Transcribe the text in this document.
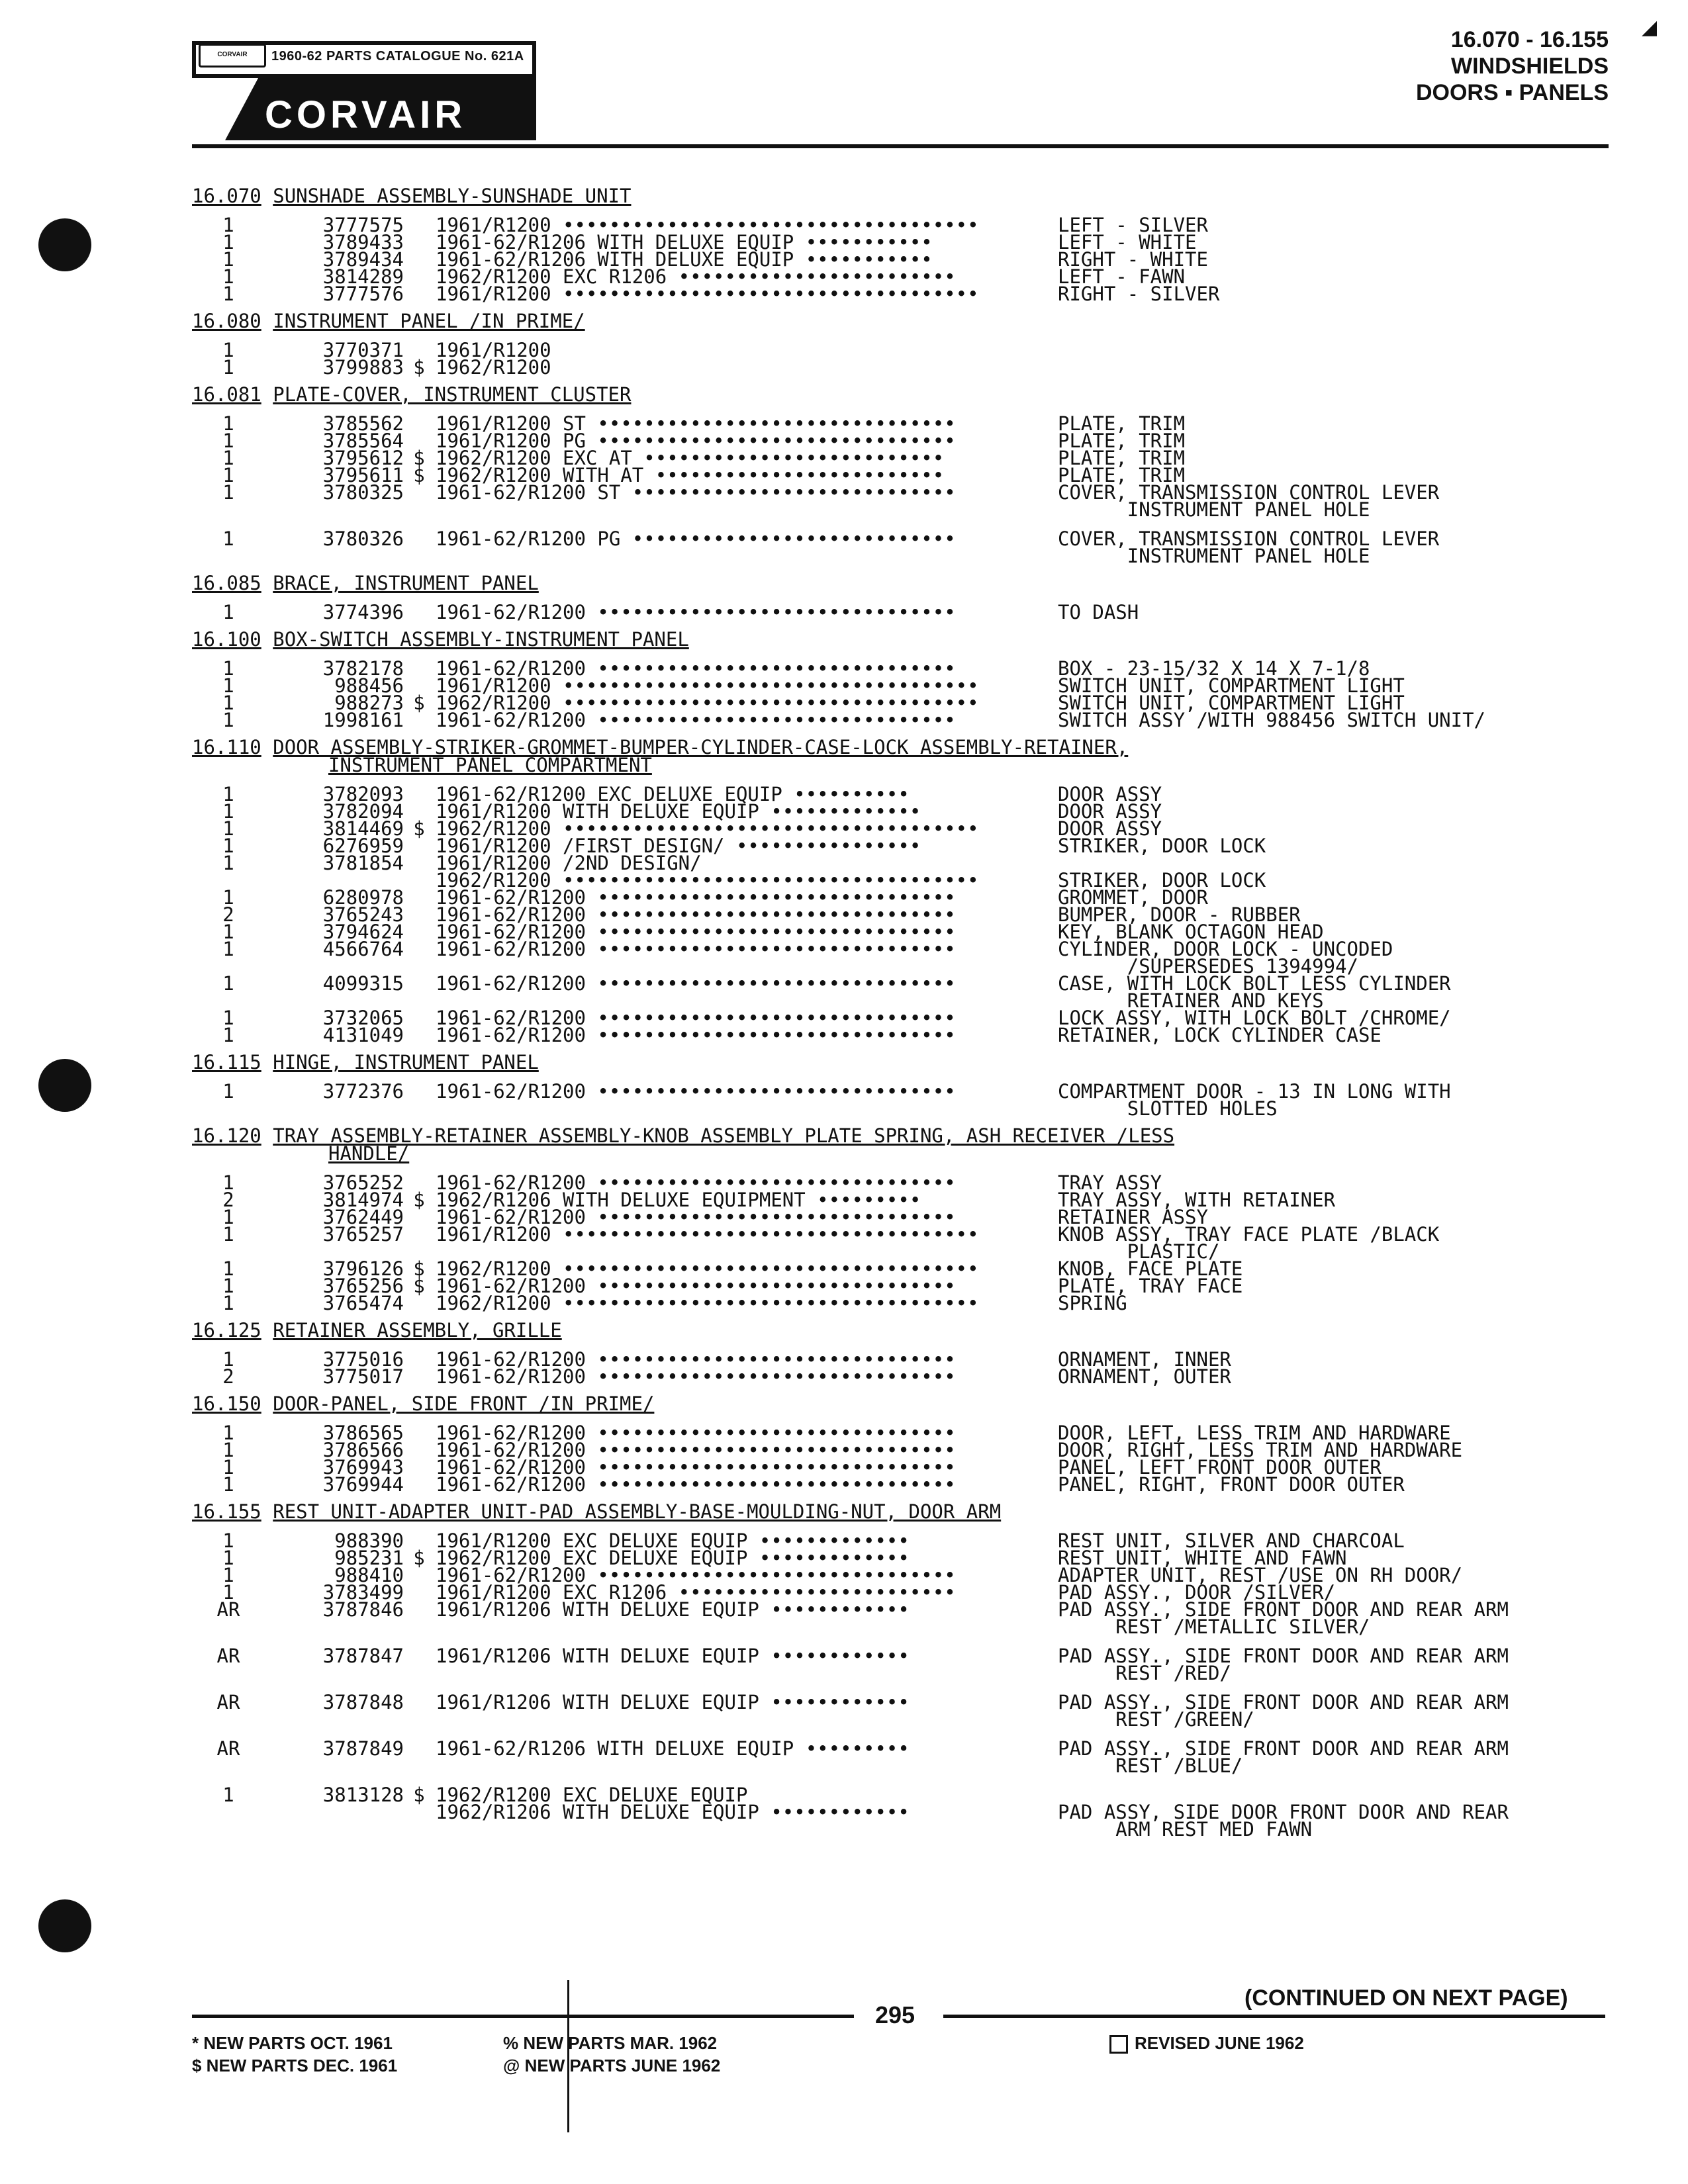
◢
CORVAIR	1960-62 PARTS CATALOGUE No. 621A
CORVAIR
16.070 - 16.155
WINDSHIELDS
DOORS ▪ PANELS
16.070 SUNSHADE ASSEMBLY-SUNSHADE UNIT
1	3777575 1961/R1200 ••••••••••••••••••••••••••••••••••••	LEFT - SILVER
1	3789433 1961-62/R1206 WITH DELUXE EQUIP •••••••••••	LEFT - WHITE
1	3789434 1961-62/R1206 WITH DELUXE EQUIP •••••••••••	RIGHT - WHITE
1	3814289 1962/R1200 EXC R1206 ••••••••••••••••••••••••	LEFT - FAWN
1	3777576 1961/R1200 ••••••••••••••••••••••••••••••••••••	RIGHT - SILVER
16.080 INSTRUMENT PANEL /IN PRIME/
1	3770371 1961/R1200
1	3799883 $ 1962/R1200
16.081 PLATE-COVER, INSTRUMENT CLUSTER
1	3785562 1961/R1200 ST •••••••••••••••••••••••••••••••	PLATE, TRIM
1	3785564 1961/R1200 PG •••••••••••••••••••••••••••••••	PLATE, TRIM
1	3795612 $ 1962/R1200 EXC AT ••••••••••••••••••••••••••	PLATE, TRIM
1	3795611 $ 1962/R1200 WITH AT •••••••••••••••••••••••••	PLATE, TRIM
1	3780325 1961-62/R1200 ST ••••••••••••••••••••••••••••	COVER, TRANSMISSION CONTROL LEVER
INSTRUMENT PANEL HOLE
1	3780326 1961-62/R1200 PG ••••••••••••••••••••••••••••	COVER, TRANSMISSION CONTROL LEVER
INSTRUMENT PANEL HOLE
16.085 BRACE, INSTRUMENT PANEL
1	3774396 1961-62/R1200 •••••••••••••••••••••••••••••••	TO DASH
16.100 BOX-SWITCH ASSEMBLY-INSTRUMENT PANEL
1	3782178 1961-62/R1200 •••••••••••••••••••••••••••••••	BOX - 23-15/32 X 14 X 7-1/8
1	988456 1961/R1200 ••••••••••••••••••••••••••••••••••••	SWITCH UNIT, COMPARTMENT LIGHT
1	988273 $ 1962/R1200 ••••••••••••••••••••••••••••••••••••	SWITCH UNIT, COMPARTMENT LIGHT
1	1998161 1961-62/R1200 •••••••••••••••••••••••••••••••	SWITCH ASSY /WITH 988456 SWITCH UNIT/
16.110 DOOR ASSEMBLY-STRIKER-GROMMET-BUMPER-CYLINDER-CASE-LOCK ASSEMBLY-RETAINER,
INSTRUMENT PANEL COMPARTMENT
1	3782093 1961-62/R1200 EXC DELUXE EQUIP ••••••••••	DOOR ASSY
1	3782094 1961/R1200 WITH DELUXE EQUIP •••••••••••••	DOOR ASSY
1	3814469 $ 1962/R1200 ••••••••••••••••••••••••••••••••••••	DOOR ASSY
1	6276959 1961/R1200 /FIRST DESIGN/ ••••••••••••••••	STRIKER, DOOR LOCK
1	3781854 1961/R1200 /2ND DESIGN/
1962/R1200 ••••••••••••••••••••••••••••••••••••	STRIKER, DOOR LOCK
1	6280978 1961-62/R1200 •••••••••••••••••••••••••••••••	GROMMET, DOOR
2	3765243 1961-62/R1200 •••••••••••••••••••••••••••••••	BUMPER, DOOR - RUBBER
1	3794624 1961-62/R1200 •••••••••••••••••••••••••••••••	KEY, BLANK OCTAGON HEAD
1	4566764 1961-62/R1200 •••••••••••••••••••••••••••••••	CYLINDER, DOOR LOCK - UNCODED
/SUPERSEDES 1394994/
1	4099315 1961-62/R1200 •••••••••••••••••••••••••••••••	CASE, WITH LOCK BOLT LESS CYLINDER
RETAINER AND KEYS
1	3732065 1961-62/R1200 •••••••••••••••••••••••••••••••	LOCK ASSY, WITH LOCK BOLT /CHROME/
1	4131049 1961-62/R1200 •••••••••••••••••••••••••••••••	RETAINER, LOCK CYLINDER CASE
16.115 HINGE, INSTRUMENT PANEL
1	3772376 1961-62/R1200 •••••••••••••••••••••••••••••••	COMPARTMENT DOOR - 13 IN LONG WITH
SLOTTED HOLES
16.120 TRAY ASSEMBLY-RETAINER ASSEMBLY-KNOB ASSEMBLY PLATE SPRING, ASH RECEIVER /LESS
HANDLE/
1	3765252 1961-62/R1200 •••••••••••••••••••••••••••••••	TRAY ASSY
2	3814974 $ 1962/R1206 WITH DELUXE EQUIPMENT •••••••••	TRAY ASSY, WITH RETAINER
1	3762449 1961-62/R1200 •••••••••••••••••••••••••••••••	RETAINER ASSY
1	3765257 1961/R1200 ••••••••••••••••••••••••••••••••••••	KNOB ASSY, TRAY FACE PLATE /BLACK
PLASTIC/
1	3796126 $ 1962/R1200 ••••••••••••••••••••••••••••••••••••	KNOB, FACE PLATE
1	3765256 $ 1961-62/R1200 •••••••••••••••••••••••••••••••	PLATE, TRAY FACE
1	3765474 1962/R1200 ••••••••••••••••••••••••••••••••••••	SPRING
16.125 RETAINER ASSEMBLY, GRILLE
1	3775016 1961-62/R1200 •••••••••••••••••••••••••••••••	ORNAMENT, INNER
2	3775017 1961-62/R1200 •••••••••••••••••••••••••••••••	ORNAMENT, OUTER
16.150 DOOR-PANEL, SIDE FRONT /IN PRIME/
1	3786565 1961-62/R1200 •••••••••••••••••••••••••••••••	DOOR, LEFT, LESS TRIM AND HARDWARE
1	3786566 1961-62/R1200 •••••••••••••••••••••••••••••••	DOOR, RIGHT, LESS TRIM AND HARDWARE
1	3769943 1961-62/R1200 •••••••••••••••••••••••••••••••	PANEL, LEFT FRONT DOOR OUTER
1	3769944 1961-62/R1200 •••••••••••••••••••••••••••••••	PANEL, RIGHT, FRONT DOOR OUTER
16.155 REST UNIT-ADAPTER UNIT-PAD ASSEMBLY-BASE-MOULDING-NUT, DOOR ARM
1	988390 1961/R1200 EXC DELUXE EQUIP •••••••••••••	REST UNIT, SILVER AND CHARCOAL
1	985231 $ 1962/R1200 EXC DELUXE EQUIP •••••••••••••	REST UNIT, WHITE AND FAWN
1	988410 1961-62/R1200 •••••••••••••••••••••••••••••••	ADAPTER UNIT, REST /USE ON RH DOOR/
1	3783499 1961/R1200 EXC R1206 ••••••••••••••••••••••••	PAD ASSY., DOOR /SILVER/
AR	3787846 1961/R1206 WITH DELUXE EQUIP ••••••••••••	PAD ASSY., SIDE FRONT DOOR AND REAR ARM
REST /METALLIC SILVER/
AR	3787847 1961/R1206 WITH DELUXE EQUIP ••••••••••••	PAD ASSY., SIDE FRONT DOOR AND REAR ARM
REST /RED/
AR	3787848 1961/R1206 WITH DELUXE EQUIP ••••••••••••	PAD ASSY., SIDE FRONT DOOR AND REAR ARM
REST /GREEN/
AR	3787849 1961-62/R1206 WITH DELUXE EQUIP •••••••••	PAD ASSY., SIDE FRONT DOOR AND REAR ARM
REST /BLUE/
1	3813128 $ 1962/R1200 EXC DELUXE EQUIP
1962/R1206 WITH DELUXE EQUIP ••••••••••••	PAD ASSY, SIDE DOOR FRONT DOOR AND REAR
ARM REST MED FAWN
(CONTINUED ON NEXT PAGE)
295
* NEW PARTS OCT. 1961
$ NEW PARTS DEC. 1961
% NEW PARTS MAR. 1962
@ NEW PARTS JUNE 1962
REVISED JUNE 1962
